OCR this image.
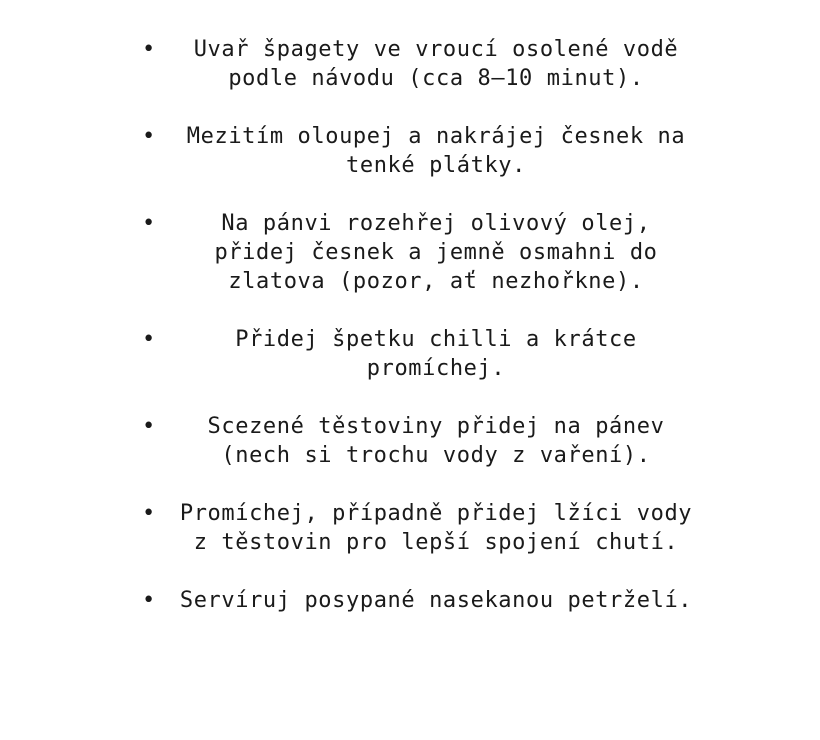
•	Uvař špagety ve vroucí osolené vodě podle návodu (cca 8–10 minut).
•	Mezitím oloupej a nakrájej česnek na tenké plátky.
•	Na pánvi rozehřej olivový olej, přidej česnek a jemně osmahni do zlatova (pozor, ať nezhořkne).
•	Přidej špetku chilli a krátce promíchej.
•	Scezené těstoviny přidej na pánev (nech si trochu vody z vaření).
• Promíchej, případně přidej lžíci vody z těstovin pro lepší spojení chutí.
• Servíruj posypané nasekanou petrželí.
